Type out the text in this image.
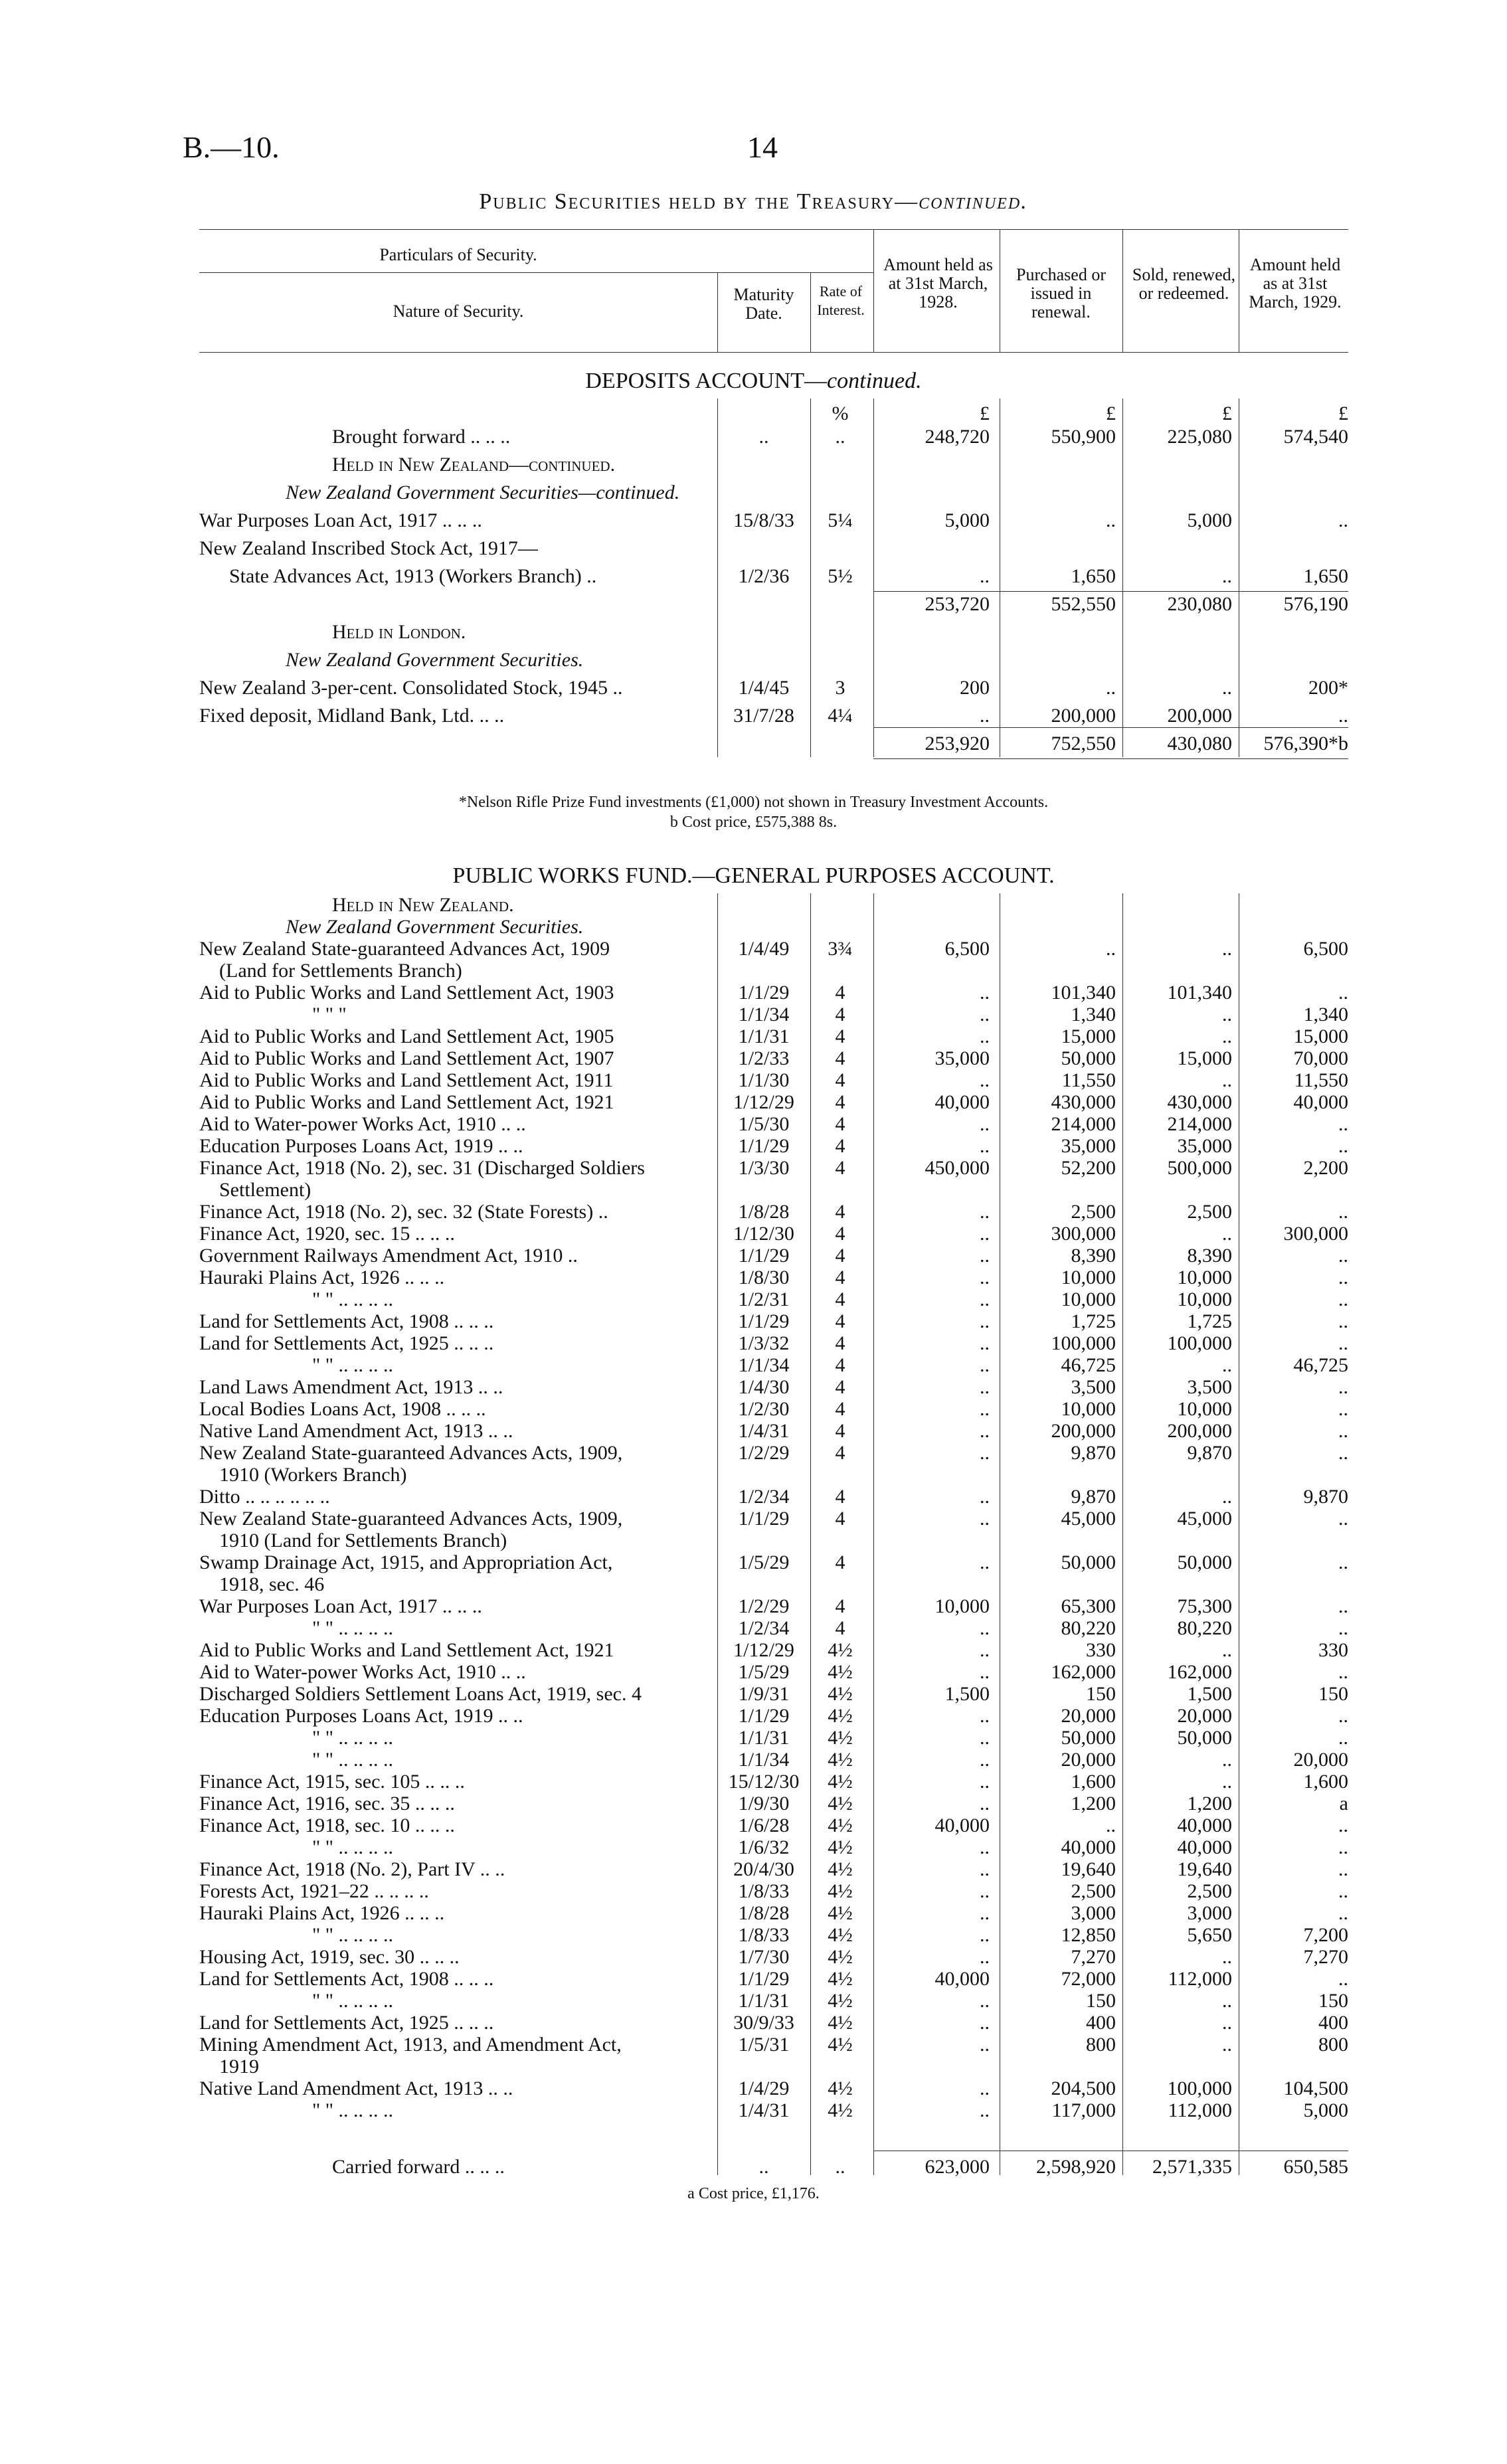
B.—10.	14
Public Securities held by the Treasury—continued.
Particulars of Security.
Nature of Security.
Maturity Date.
Rate of Interest.
Amount held as at 31st March, 1928.
Purchased or issued in renewal.
Sold, renewed, or redeemed.
Amount held as at 31st March, 1929.
DEPOSITS ACCOUNT—continued.
%	£	£	£	£
Brought forward .. .. ..	..	..	248,720	550,900	225,080	574,540
Held in New Zealand—continued.
New Zealand Government Securities—continued.
War Purposes Loan Act, 1917 .. .. ..	15/8/33	5¼	5,000	..	5,000	..
New Zealand Inscribed Stock Act, 1917—
State Advances Act, 1913 (Workers Branch) ..	1/2/36	5½	..	1,650	..	1,650
253,720	552,550	230,080	576,190
Held in London.
New Zealand Government Securities.
New Zealand 3-per-cent. Consolidated Stock, 1945 ..	1/4/45	3	200	..	..	200*
Fixed deposit, Midland Bank, Ltd. .. ..	31/7/28	4¼	..	200,000	200,000	..
253,920	752,550	430,080	576,390*b
*Nelson Rifle Prize Fund investments (£1,000) not shown in Treasury Investment Accounts.
b Cost price, £575,388 8s.
PUBLIC WORKS FUND.—GENERAL PURPOSES ACCOUNT.
Held in New Zealand.
New Zealand Government Securities.
New Zealand State-guaranteed Advances Act, 1909	1/4/49	3¾	6,500	..	..	6,500
(Land for Settlements Branch)
Aid to Public Works and Land Settlement Act, 1903	1/1/29	4	..	101,340	101,340	..
" " "	1/1/34	4	..	1,340	..	1,340
Aid to Public Works and Land Settlement Act, 1905	1/1/31	4	..	15,000	..	15,000
Aid to Public Works and Land Settlement Act, 1907	1/2/33	4	35,000	50,000	15,000	70,000
Aid to Public Works and Land Settlement Act, 1911	1/1/30	4	..	11,550	..	11,550
Aid to Public Works and Land Settlement Act, 1921	1/12/29	4	40,000	430,000	430,000	40,000
Aid to Water-power Works Act, 1910 .. ..	1/5/30	4	..	214,000	214,000	..
Education Purposes Loans Act, 1919 .. ..	1/1/29	4	..	35,000	35,000	..
Finance Act, 1918 (No. 2), sec. 31 (Discharged Soldiers	1/3/30	4	450,000	52,200	500,000	2,200
Settlement)
Finance Act, 1918 (No. 2), sec. 32 (State Forests) ..	1/8/28	4	..	2,500	2,500	..
Finance Act, 1920, sec. 15 .. .. ..	1/12/30	4	..	300,000	..	300,000
Government Railways Amendment Act, 1910 ..	1/1/29	4	..	8,390	8,390	..
Hauraki Plains Act, 1926 .. .. ..	1/8/30	4	..	10,000	10,000	..
" " .. .. .. ..	1/2/31	4	..	10,000	10,000	..
Land for Settlements Act, 1908 .. .. ..	1/1/29	4	..	1,725	1,725	..
Land for Settlements Act, 1925 .. .. ..	1/3/32	4	..	100,000	100,000	..
" " .. .. .. ..	1/1/34	4	..	46,725	..	46,725
Land Laws Amendment Act, 1913 .. ..	1/4/30	4	..	3,500	3,500	..
Local Bodies Loans Act, 1908 .. .. ..	1/2/30	4	..	10,000	10,000	..
Native Land Amendment Act, 1913 .. ..	1/4/31	4	..	200,000	200,000	..
New Zealand State-guaranteed Advances Acts, 1909,	1/2/29	4	..	9,870	9,870	..
1910 (Workers Branch)
Ditto .. .. .. .. .. ..	1/2/34	4	..	9,870	..	9,870
New Zealand State-guaranteed Advances Acts, 1909,	1/1/29	4	..	45,000	45,000	..
1910 (Land for Settlements Branch)
Swamp Drainage Act, 1915, and Appropriation Act,	1/5/29	4	..	50,000	50,000	..
1918, sec. 46
War Purposes Loan Act, 1917 .. .. ..	1/2/29	4	10,000	65,300	75,300	..
" " .. .. .. ..	1/2/34	4	..	80,220	80,220	..
Aid to Public Works and Land Settlement Act, 1921	1/12/29	4½	..	330	..	330
Aid to Water-power Works Act, 1910 .. ..	1/5/29	4½	..	162,000	162,000	..
Discharged Soldiers Settlement Loans Act, 1919, sec. 4	1/9/31	4½	1,500	150	1,500	150
Education Purposes Loans Act, 1919 .. ..	1/1/29	4½	..	20,000	20,000	..
" " .. .. .. ..	1/1/31	4½	..	50,000	50,000	..
" " .. .. .. ..	1/1/34	4½	..	20,000	..	20,000
Finance Act, 1915, sec. 105 .. .. ..	15/12/30	4½	..	1,600	..	1,600
Finance Act, 1916, sec. 35 .. .. ..	1/9/30	4½	..	1,200	1,200	a
Finance Act, 1918, sec. 10 .. .. ..	1/6/28	4½	40,000	..	40,000	..
" " .. .. .. ..	1/6/32	4½	..	40,000	40,000	..
Finance Act, 1918 (No. 2), Part IV .. ..	20/4/30	4½	..	19,640	19,640	..
Forests Act, 1921–22 .. .. .. ..	1/8/33	4½	..	2,500	2,500	..
Hauraki Plains Act, 1926 .. .. ..	1/8/28	4½	..	3,000	3,000	..
" " .. .. .. ..	1/8/33	4½	..	12,850	5,650	7,200
Housing Act, 1919, sec. 30 .. .. ..	1/7/30	4½	..	7,270	..	7,270
Land for Settlements Act, 1908 .. .. ..	1/1/29	4½	40,000	72,000	112,000	..
" " .. .. .. ..	1/1/31	4½	..	150	..	150
Land for Settlements Act, 1925 .. .. ..	30/9/33	4½	..	400	..	400
Mining Amendment Act, 1913, and Amendment Act,	1/5/31	4½	..	800	..	800
1919
Native Land Amendment Act, 1913 .. ..	1/4/29	4½	..	204,500	100,000	104,500
" " .. .. .. ..	1/4/31	4½	..	117,000	112,000	5,000
Carried forward .. .. ..	..	..	623,000	2,598,920	2,571,335	650,585
a Cost price, £1,176.
